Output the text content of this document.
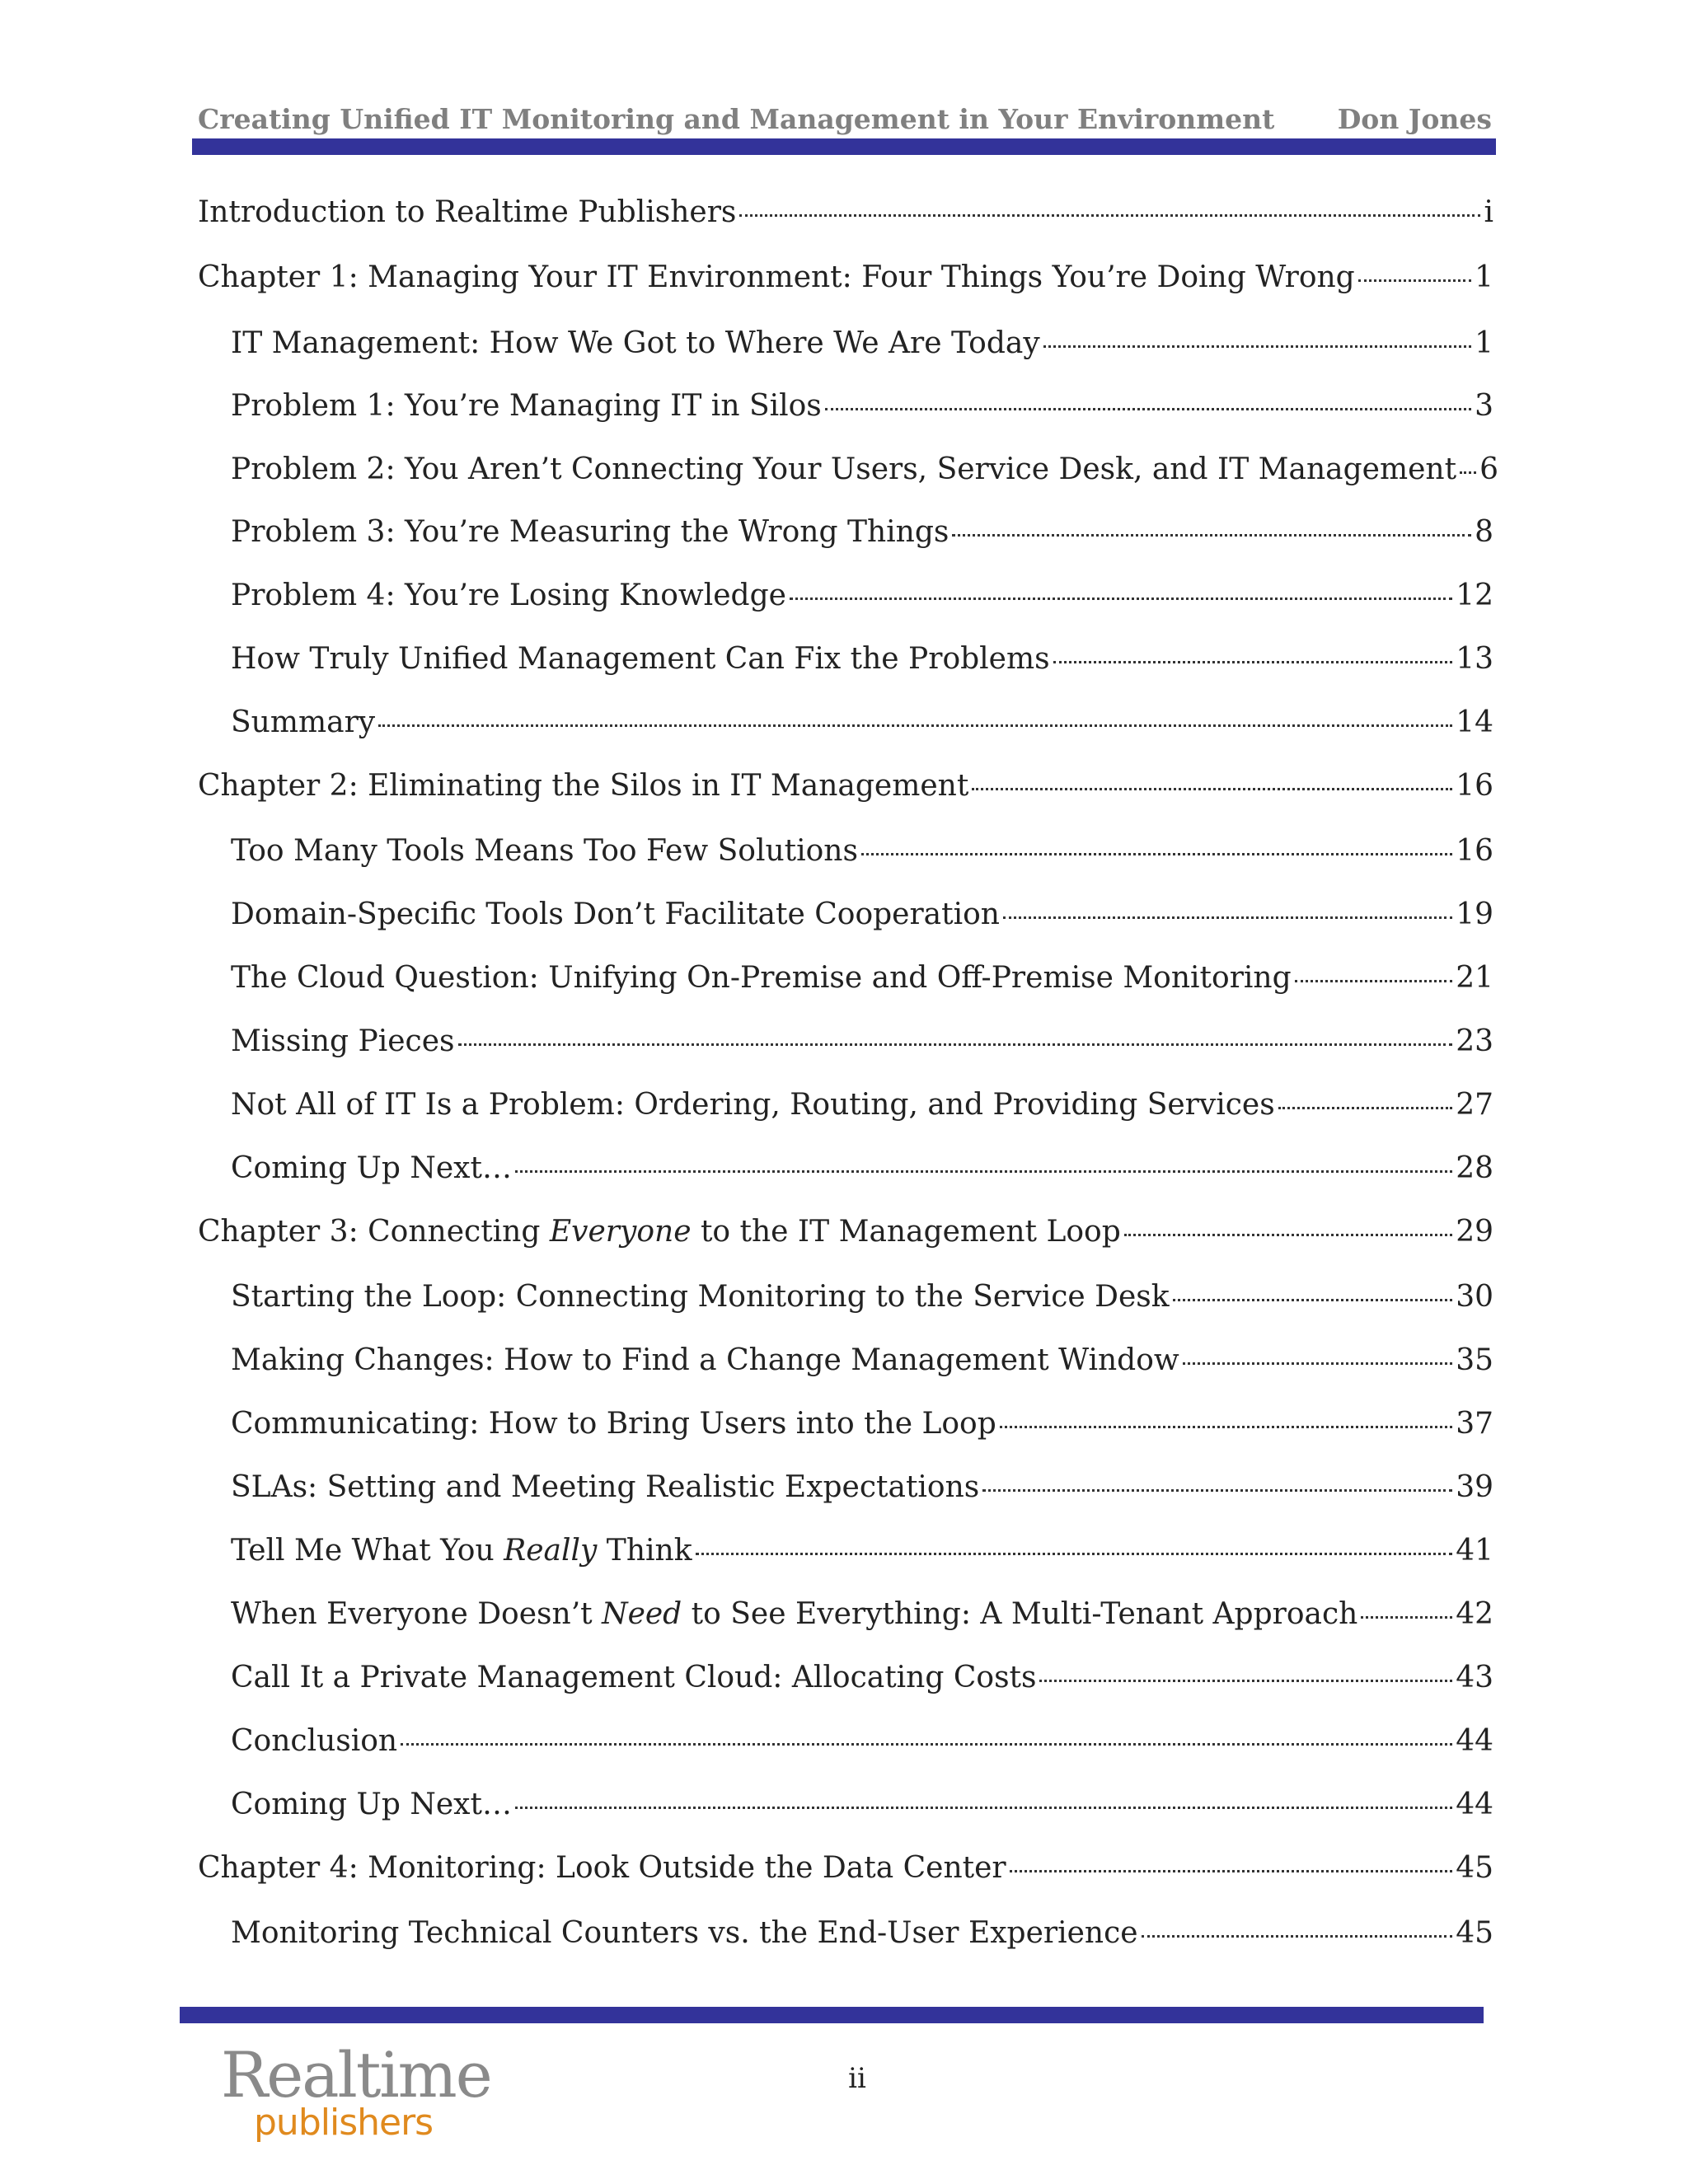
Creating Unified IT Monitoring and Management in Your Environment Don Jones
Introduction to Realtime Publishers	i
Chapter 1: Managing Your IT Environment: Four Things You’re Doing Wrong	1
IT Management: How We Got to Where We Are Today	1
Problem 1: You’re Managing IT in Silos	3
Problem 2: You Aren’t Connecting Your Users, Service Desk, and IT Management 6
Problem 3: You’re Measuring the Wrong Things	8
Problem 4: You’re Losing Knowledge	12
How Truly Unified Management Can Fix the Problems	13
Summary	14
Chapter 2: Eliminating the Silos in IT Management	16
Too Many Tools Means Too Few Solutions	16
Domain-Specific Tools Don’t Facilitate Cooperation	19
The Cloud Question: Unifying On-Premise and Off-Premise Monitoring	21
Missing Pieces	23
Not All of IT Is a Problem: Ordering, Routing, and Providing Services	27
Coming Up Next…	28
Chapter 3: Connecting Everyone to the IT Management Loop	29
Starting the Loop: Connecting Monitoring to the Service Desk	30
Making Changes: How to Find a Change Management Window	35
Communicating: How to Bring Users into the Loop	37
SLAs: Setting and Meeting Realistic Expectations	39
Tell Me What You Really Think	41
When Everyone Doesn’t Need to See Everything: A Multi-Tenant Approach	42
Call It a Private Management Cloud: Allocating Costs	43
Conclusion	44
Coming Up Next…	44
Chapter 4: Monitoring: Look Outside the Data Center	45
Monitoring Technical Counters vs. the End-User Experience	45
Realtime
publishers
ii
